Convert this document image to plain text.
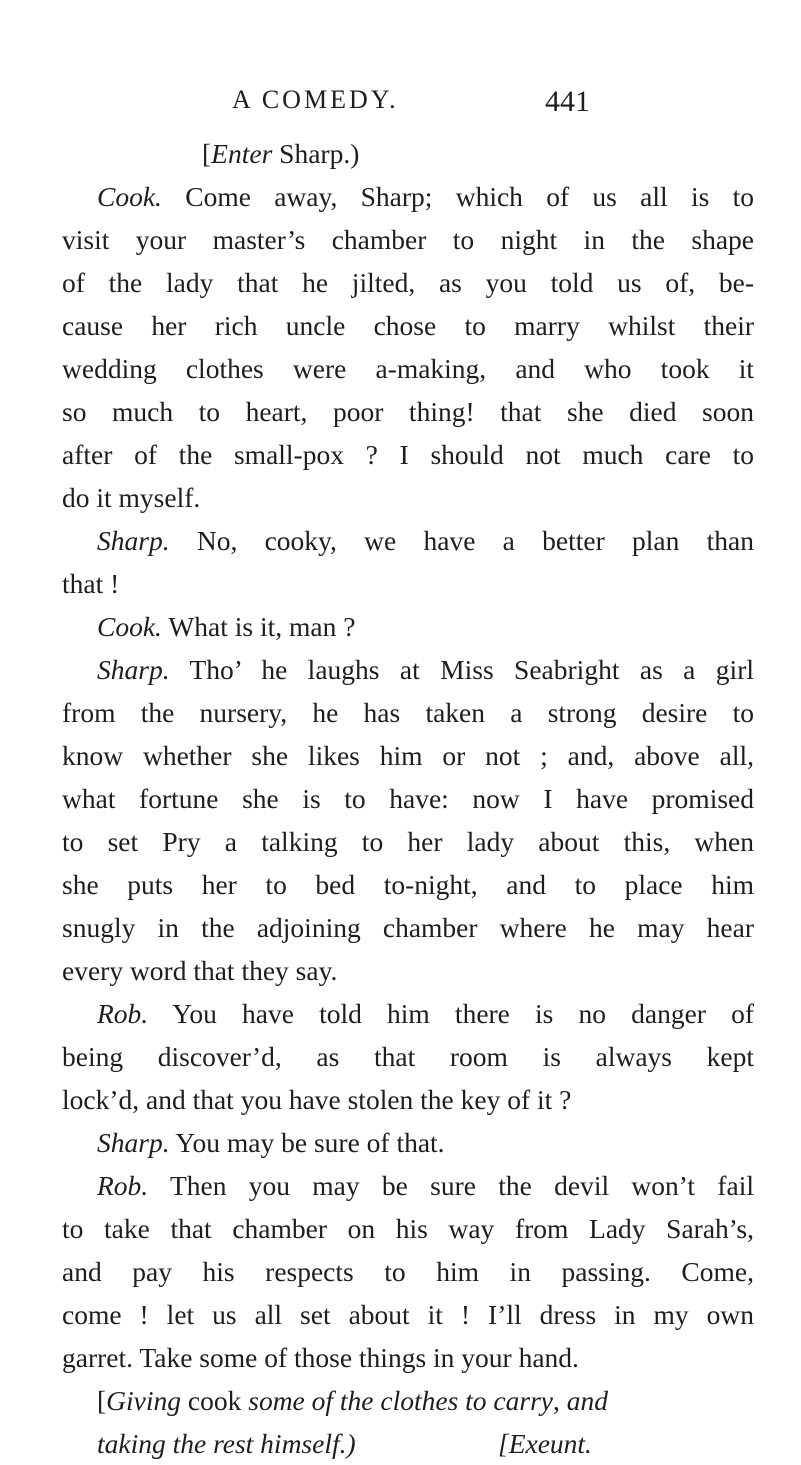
A COMEDY.	441
[Enter Sharp.)
Cook. Come away, Sharp; which of us all is to
visit your master’s chamber to night in the shape
of the lady that he jilted, as you told us of, be-
cause her rich uncle chose to marry whilst their
wedding clothes were a-making, and who took it
so much to heart, poor thing! that she died soon
after of the small-pox ? I should not much care to
do it myself.
Sharp. No, cooky, we have a better plan than
that !
Cook. What is it, man ?
Sharp. Tho’ he laughs at Miss Seabright as a girl
from the nursery, he has taken a strong desire to
know whether she likes him or not ; and, above all,
what fortune she is to have: now I have promised
to set Pry a talking to her lady about this, when
she puts her to bed to-night, and to place him
snugly in the adjoining chamber where he may hear
every word that they say.
Rob. You have told him there is no danger of
being discover’d, as that room is always kept
lock’d, and that you have stolen the key of it ?
Sharp. You may be sure of that.
Rob. Then you may be sure the devil won’t fail
to take that chamber on his way from Lady Sarah’s,
and pay his respects to him in passing. Come,
come ! let us all set about it ! I’ll dress in my own
garret. Take some of those things in your hand.
[Giving cook some of the clothes to carry, and
taking the rest himself.)	[Exeunt.
